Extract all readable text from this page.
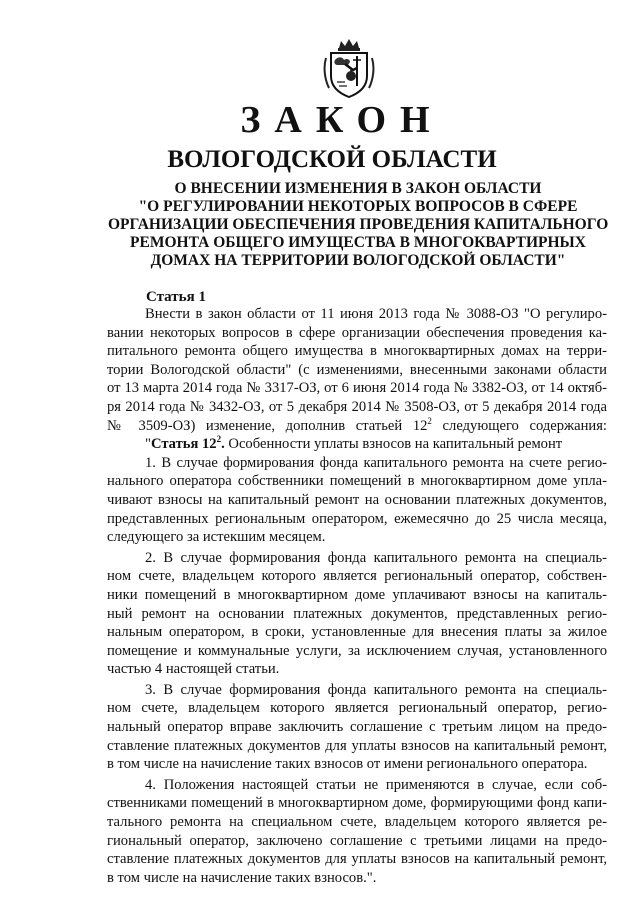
ЗАКОН
ВОЛОГОДСКОЙ ОБЛАСТИ
О ВНЕСЕНИИ ИЗМЕНЕНИЯ В ЗАКОН ОБЛАСТИ
"О РЕГУЛИРОВАНИИ НЕКОТОРЫХ ВОПРОСОВ В СФЕРЕ
ОРГАНИЗАЦИИ ОБЕСПЕЧЕНИЯ ПРОВЕДЕНИЯ КАПИТАЛЬНОГО
РЕМОНТА ОБЩЕГО ИМУЩЕСТВА В МНОГОКВАРТИРНЫХ
ДОМАХ НА ТЕРРИТОРИИ ВОЛОГОДСКОЙ ОБЛАСТИ"
Статья 1
Внести в закон области от 11 июня 2013 года № 3088-ОЗ "О регулиро-
вании некоторых вопросов в сфере организации обеспечения проведения ка-
питального ремонта общего имущества в многоквартирных домах на терри-
тории Вологодской области" (с изменениями, внесенными законами области
от 13 марта 2014 года № 3317-ОЗ, от 6 июня 2014 года № 3382-ОЗ, от 14 октяб-
ря 2014 года № 3432-ОЗ, от 5 декабря 2014 № 3508-ОЗ, от 5 декабря 2014 года
№ 3509-ОЗ) изменение, дополнив статьей $12^2$ следующего содержания:
"Статья $12^2$. Особенности уплаты взносов на капитальный ремонт
1. В случае формирования фонда капитального ремонта на счете регио-
нального оператора собственники помещений в многоквартирном доме упла-
чивают взносы на капитальный ремонт на основании платежных документов,
представленных региональным оператором, ежемесячно до 25 числа месяца,
следующего за истекшим месяцем.
2. В случае формирования фонда капитального ремонта на специаль-
ном счете, владельцем которого является региональный оператор, собствен-
ники помещений в многоквартирном доме уплачивают взносы на капиталь-
ный ремонт на основании платежных документов, представленных регио-
нальным оператором, в сроки, установленные для внесения платы за жилое
помещение и коммунальные услуги, за исключением случая, установленного
частью 4 настоящей статьи.
3. В случае формирования фонда капитального ремонта на специаль-
ном счете, владельцем которого является региональный оператор, регио-
нальный оператор вправе заключить соглашение с третьим лицом на предо-
ставление платежных документов для уплаты взносов на капитальный ремонт,
в том числе на начисление таких взносов от имени регионального оператора.
4. Положения настоящей статьи не применяются в случае, если соб-
ственниками помещений в многоквартирном доме, формирующими фонд капи-
тального ремонта на специальном счете, владельцем которого является ре-
гиональный оператор, заключено соглашение с третьими лицами на предо-
ставление платежных документов для уплаты взносов на капитальный ремонт,
в том числе на начисление таких взносов.".
